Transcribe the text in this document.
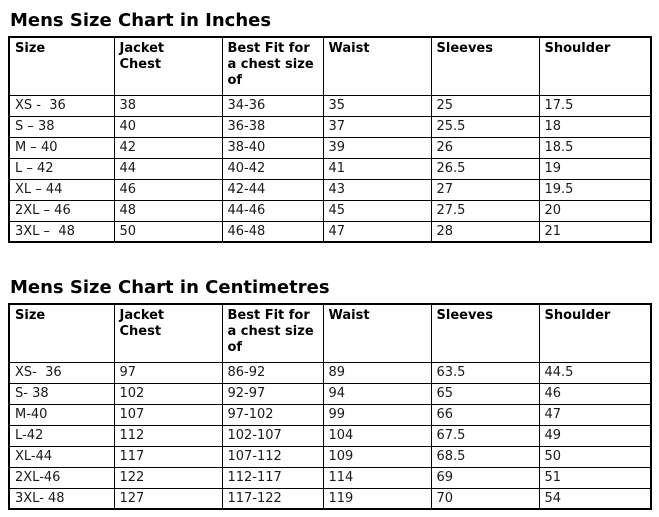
Mens Size Chart in Inches
Size	Jacket Chest	Best Fit for a chest size of	Waist	Sleeves	Shoulder
XS -  36	38	34-36	35	25	17.5
S – 38	40	36-38	37	25.5	18
M – 40	42	38-40	39	26	18.5
L – 42	44	40-42	41	26.5	19
XL – 44	46	42-44	43	27	19.5
2XL – 46	48	44-46	45	27.5	20
3XL –  48	50	46-48	47	28	21
Mens Size Chart in Centimetres
Size	Jacket Chest	Best Fit for a chest size of	Waist	Sleeves	Shoulder
XS-  36	97	86-92	89	63.5	44.5
S- 38	102	92-97	94	65	46
M-40	107	97-102	99	66	47
L-42	112	102-107	104	67.5	49
XL-44	117	107-112	109	68.5	50
2XL-46	122	112-117	114	69	51
3XL- 48	127	117-122	119	70	54
